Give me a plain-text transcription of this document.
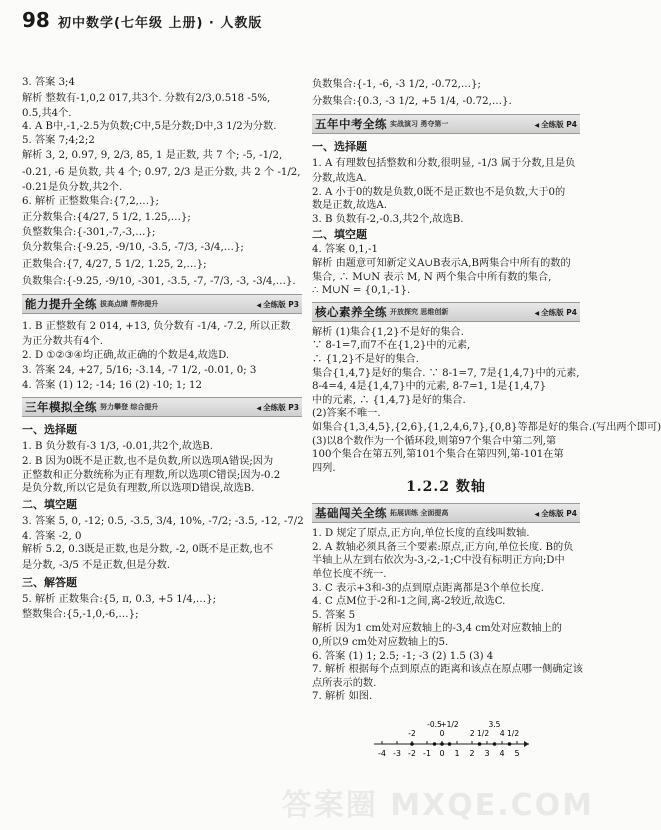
98 初中数学(七年级 上册) · 人教版
3. 答案 3;4
解析 整数有-1,0,2 017,共3个. 分数有2/3,0.518 -5%,
0.5,共4个.
4. A B中,-1,-2.5为负数;C中,5是分数;D中,3 1/2为分数.
5. 答案 7;4;2;2
解析 3, 2, 0.97, 9, 2/3, 85, 1 是正数, 共 7 个; -5, -1/2,
-0.21, -6 是负数, 共 4 个; 0.97, 2/3 是正分数, 共 2 个 -1/2,
-0.21是负分数,共2个.
6. 解析 正整数集合:{7,2,…};
正分数集合:{4/27, 5 1/2, 1.25,…};
负整数集合:{-301,-7,-3,…};
负分数集合:{-9.25, -9/10, -3.5, -7/3, -3/4,…};
正数集合:{7, 4/27, 5 1/2, 1.25, 2,…};
负数集合:{-9.25, -9/10, -301, -3.5, -7, -7/3, -3, -3/4,…}.
能力提升全练 拔高点睛 帮你提升	◀ 全练版 P3
1. B 正整数有 2 014, +13, 负分数有 -1/4, -7.2, 所以正数
为正分数共有4个.
2. D ①②③④均正确,故正确的个数是4,故选D.
3. 答案 24, +27, 5/16; -3.14, -7 1/2, -0.01, 0; 3
4. 答案 (1) 12; -14; 16 (2) -10; 1; 12
三年模拟全练 努力攀登 综合提升	◀ 全练版 P3
一、选择题
1. B 负分数有-3 1/3, -0.01,共2个,故选B.
2. B 因为0既不是正数,也不是负数,所以选项A错误;因为
正整数和正分数统称为正有理数,所以选项C错误;因为-0.2
是负分数,所以它是负有理数,所以选项D错误,故选B.
二、填空题
3. 答案 5, 0, -12; 0.5, -3.5, 3/4, 10%, -7/2; -3.5, -12, -7/2
4. 答案 -2, 0
解析 5.2, 0.3既是正数,也是分数, -2, 0既不是正数,也不
是分数, -3/5 不是正数,但是分数.
三、解答题
5. 解析 正数集合:{5, π, 0.3, +5 1/4,…};
整数集合:{5,-1,0,-6,…};
负数集合:{-1, -6, -3 1/2, -0.72,…};
分数集合:{0.3, -3 1/2, +5 1/4, -0.72,…}.
五年中考全练 实战演习 勇夺第一	◀ 全练版 P4
一、选择题
1. A 有理数包括整数和分数,很明显, -1/3 属于分数,且是负
分数,故选A.
2. A 小于0的数是负数,0既不是正数也不是负数,大于0的
数是正数,故选A.
3. B 负数有-2,-0.3,共2个,故选B.
二、填空题
4. 答案 0,1,-1
解析 由题意可知新定义A∪B表示A,B两集合中所有的数的
集合, ∴ M∪N 表示 M, N 两个集合中所有数的集合,
∴ M∪N = {0,1,-1}.
核心素养全练 开放探究 思维创新	◀ 全练版 P4
解析 (1)集合{1,2}不是好的集合.
∵ 8-1=7,而7不在{1,2}中的元素,
∴ {1,2}不是好的集合.
集合{1,4,7}是好的集合. ∵ 8-1=7, 7是{1,4,7}中的元素,
8-4=4, 4是{1,4,7}中的元素, 8-7=1, 1是{1,4,7}
中的元素, ∴ {1,4,7}是好的集合.
(2)答案不唯一.
如集合{1,3,4,5},{2,6},{1,2,4,6,7},{0,8}等都是好的集合.(写出两个即可)
(3)以8个数作为一个循环段,则第97个集合中第二列,第
100个集合在第五列,第101个集合在第四列,第-101在第
四列.
1.2.2 数轴
基础闯关全练 拓展训练 全面提高	◀ 全练版 P4
1. D 规定了原点,正方向,单位长度的直线叫数轴.
2. A 数轴必须具备三个要素:原点,正方向,单位长度. B的负
半轴上从左到右依次为-3,-2,-1;C中没有标明正方向;D中
单位长度不统一.
3. C 表示+3和-3的点到原点距离都是3个单位长度.
4. C 点M位于-2和-1之间,离-2较近,故选C.
5. 答案 5
解析 因为1 cm处对应数轴上的-3,4 cm处对应数轴上的
0,所以9 cm处对应数轴上的5.
6. 答案 (1) 1; 2.5; -1; -3 (2) 1.5 (3) 4
7. 解析 根据每个点到原点的距离和该点在原点哪一侧确定该
点所表示的数.
7. 解析 如图.
-4 -3 -2 -1 0 1 2 3 4 5
-2
-0.5
0
+1/2
2 1/2
3.5
4 1/2
答案圈 MXQE.COM
